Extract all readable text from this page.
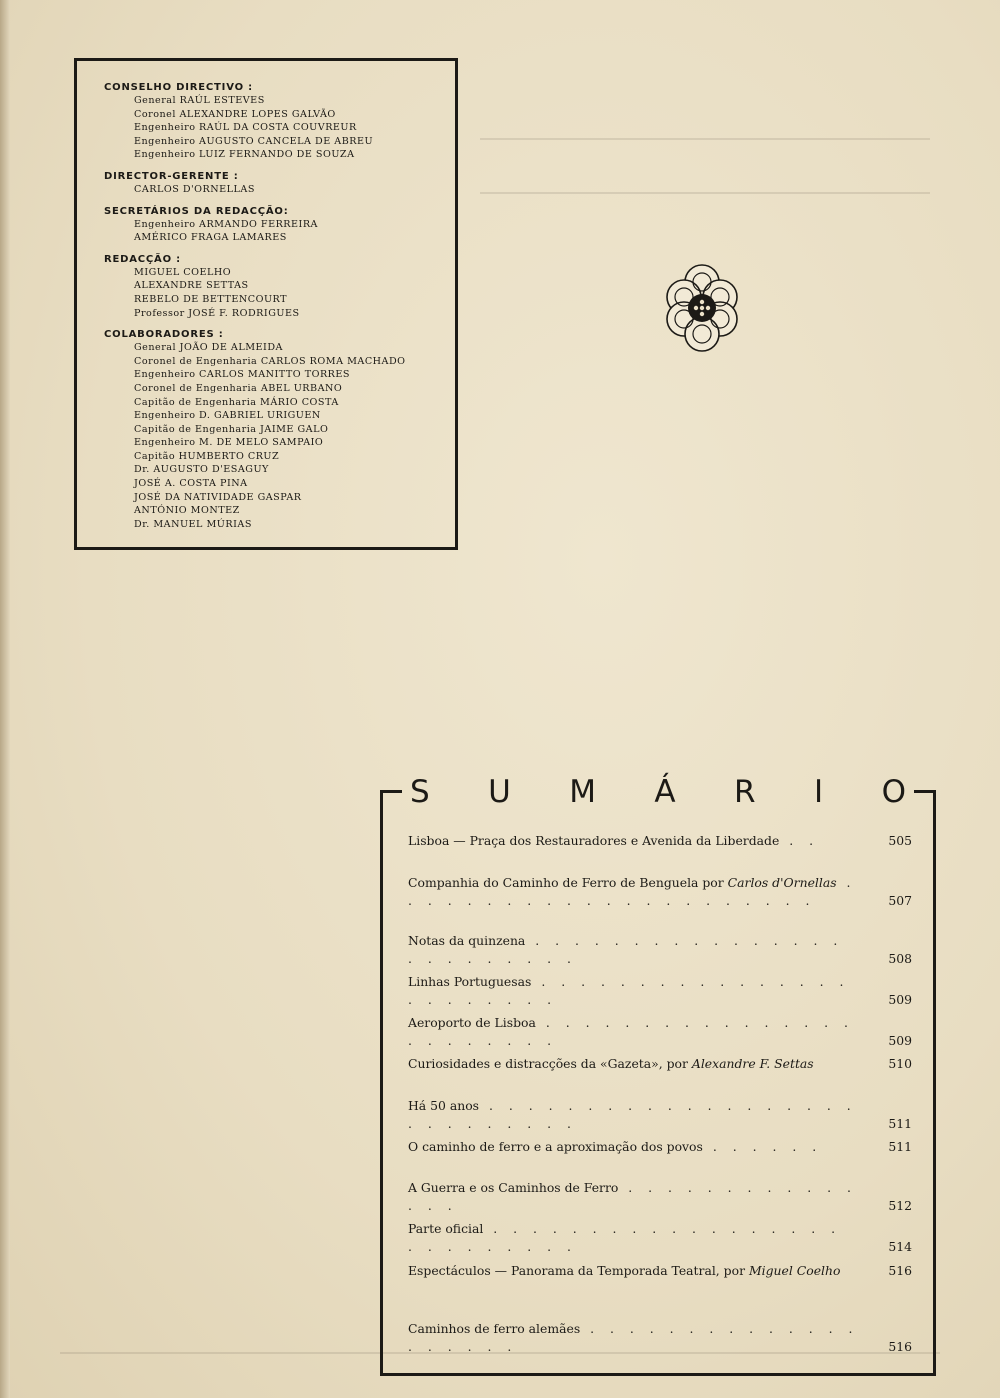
CONSELHO DIRECTIVO :
General RAÚL ESTEVES
Coronel ALEXANDRE LOPES GALVÃO
Engenheiro RAÚL DA COSTA COUVREUR
Engenheiro AUGUSTO CANCELA DE ABREU
Engenheiro LUIZ FERNANDO DE SOUZA
DIRECTOR-GERENTE :
CARLOS D'ORNELLAS
SECRETÁRIOS DA REDACÇÃO:
Engenheiro ARMANDO FERREIRA
AMÉRICO FRAGA LAMARES
REDACÇÃO :
MIGUEL COELHO
ALEXANDRE SETTAS
REBELO DE BETTENCOURT
Professor JOSÉ F. RODRIGUES
COLABORADORES :
General JOÃO DE ALMEIDA
Coronel de Engenharia CARLOS ROMA MACHADO
Engenheiro CARLOS MANITTO TORRES
Coronel de Engenharia ABEL URBANO
Capitão de Engenharia MÁRIO COSTA
Engenheiro D. GABRIEL URIGUEN
Capitão de Engenharia JAIME GALO
Engenheiro M. DE MELO SAMPAIO
Capitão HUMBERTO CRUZ
Dr. AUGUSTO D'ESAGUY
JOSÉ A. COSTA PINA
JOSÉ DA NATIVIDADE GASPAR
ANTÓNIO MONTEZ
Dr. MANUEL MÚRIAS
S U M Á R I O
Lisboa — Praça dos Restauradores e Avenida da Liberdade . .	505
Companhia do Caminho de Ferro de Benguela por Carlos d'Ornellas . . . . . . . . . . . . . . . . . . . . . .	507
Notas da quinzena . . . . . . . . . . . . . . . . . . . . . . . . .	508
Linhas Portuguesas . . . . . . . . . . . . . . . . . . . . . . . .	509
Aeroporto de Lisboa . . . . . . . . . . . . . . . . . . . . . . . .	509
Curiosidades e distracções da «Gazeta», por Alexandre F. Settas	510
Há 50 anos . . . . . . . . . . . . . . . . . . . . . . . . . . . .	511
O caminho de ferro e a aproximação dos povos . . . . . .	511
A Guerra e os Caminhos de Ferro . . . . . . . . . . . . . . .	512
Parte oficial . . . . . . . . . . . . . . . . . . . . . . . . . . .	514
Espectáculos — Panorama da Temporada Teatral, por Miguel Coelho	516
Caminhos de ferro alemães . . . . . . . . . . . . . . . . . . . .	516
